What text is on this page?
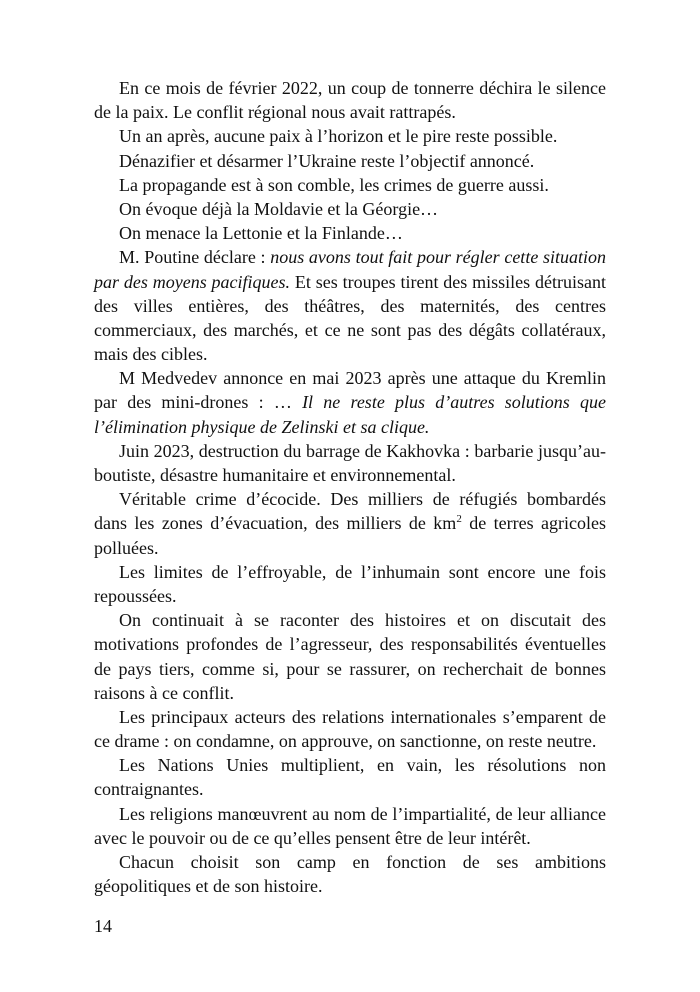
En ce mois de février 2022, un coup de tonnerre déchira le silence
de la paix. Le conflit régional nous avait rattrapés.
Un an après, aucune paix à l’horizon et le pire reste possible.
Dénazifier et désarmer l’Ukraine reste l’objectif annoncé.
La propagande est à son comble, les crimes de guerre aussi.
On évoque déjà la Moldavie et la Géorgie…
On menace la Lettonie et la Finlande…
M. Poutine déclare : nous avons tout fait pour régler cette situation
par des moyens pacifiques. Et ses troupes tirent des missiles détruisant
des villes entières, des théâtres, des maternités, des centres
commerciaux, des marchés, et ce ne sont pas des dégâts collatéraux,
mais des cibles.
M Medvedev annonce en mai 2023 après une attaque du Kremlin
par des mini-drones : … Il ne reste plus d’autres solutions que
l’élimination physique de Zelinski et sa clique.
Juin 2023, destruction du barrage de Kakhovka : barbarie jusqu’au-
boutiste, désastre humanitaire et environnemental.
Véritable crime d’écocide. Des milliers de réfugiés bombardés
dans les zones d’évacuation, des milliers de $km^2$ de terres agricoles
polluées.
Les limites de l’effroyable, de l’inhumain sont encore une fois
repoussées.
On continuait à se raconter des histoires et on discutait des
motivations profondes de l’agresseur, des responsabilités éventuelles
de pays tiers, comme si, pour se rassurer, on recherchait de bonnes
raisons à ce conflit.
Les principaux acteurs des relations internationales s’emparent de
ce drame : on condamne, on approuve, on sanctionne, on reste neutre.
Les Nations Unies multiplient, en vain, les résolutions non
contraignantes.
Les religions manœuvrent au nom de l’impartialité, de leur alliance
avec le pouvoir ou de ce qu’elles pensent être de leur intérêt.
Chacun choisit son camp en fonction de ses ambitions
géopolitiques et de son histoire.
14
